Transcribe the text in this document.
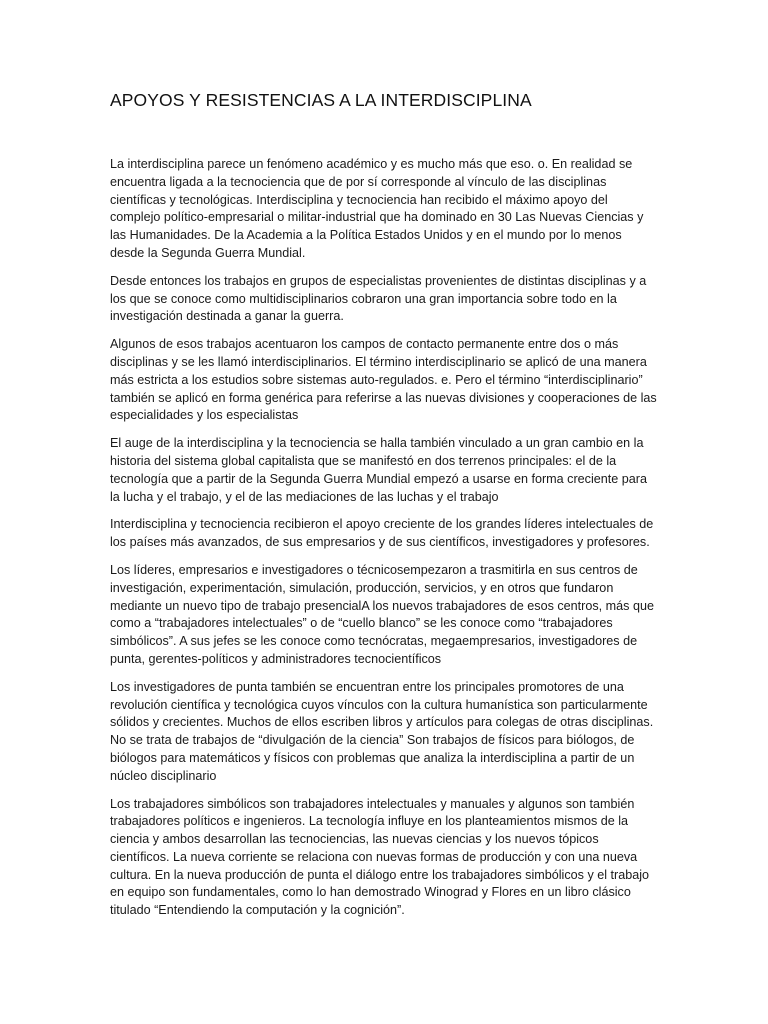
APOYOS Y RESISTENCIAS A LA INTERDISCIPLINA

La interdisciplina parece un fenómeno académico y es mucho más que eso. o. En realidad se encuentra ligada a la tecnociencia que de por sí corresponde al vínculo de las disciplinas científicas y tecnológicas. Interdisciplina y tecnociencia han recibido el máximo apoyo del complejo político-empresarial o militar-industrial que ha dominado en 30 Las Nuevas Ciencias y las Humanidades. De la Academia a la Política Estados Unidos y en el mundo por lo menos desde la Segunda Guerra Mundial.

Desde entonces los trabajos en grupos de especialistas provenientes de distintas disciplinas y a los que se conoce como multidisciplinarios cobraron una gran importancia sobre todo en la investigación destinada a ganar la guerra.

Algunos de esos trabajos acentuaron los campos de contacto permanente entre dos o más disciplinas y se les llamó interdisciplinarios. El término interdisciplinario se aplicó de una manera más estricta a los estudios sobre sistemas auto-regulados. e. Pero el término “interdisciplinario” también se aplicó en forma genérica para referirse a las nuevas divisiones y cooperaciones de las especialidades y los especialistas

El auge de la interdisciplina y la tecnociencia se halla también vinculado a un gran cambio en la historia del sistema global capitalista que se manifestó en dos terrenos principales: el de la tecnología que a partir de la Segunda Guerra Mundial empezó a usarse en forma creciente para la lucha y el trabajo, y el de las mediaciones de las luchas y el trabajo

Interdisciplina y tecnociencia recibieron el apoyo creciente de los grandes líderes intelectuales de los países más avanzados, de sus empresarios y de sus científicos, investigadores y profesores.

Los líderes, empresarios e investigadores o técnicosempezaron a trasmitirla en sus centros de investigación, experimentación, simulación, producción, servicios, y en otros que fundaron mediante un nuevo tipo de trabajo presencialA los nuevos trabajadores de esos centros, más que como a “trabajadores intelectuales” o de “cuello blanco” se les conoce como “trabajadores simbólicos”. A sus jefes se les conoce como tecnócratas, megaempresarios, investigadores de punta, gerentes-políticos y administradores tecnocientíficos

Los investigadores de punta también se encuentran entre los principales promotores de una revolución científica y tecnológica cuyos vínculos con la cultura humanística son particularmente sólidos y crecientes. Muchos de ellos escriben libros y artículos para colegas de otras disciplinas. No se trata de trabajos de “divulgación de la ciencia” Son trabajos de físicos para biólogos, de biólogos para matemáticos y físicos con problemas que analiza la interdisciplina a partir de un núcleo disciplinario

Los trabajadores simbólicos son trabajadores intelectuales y manuales y algunos son también trabajadores políticos e ingenieros. La tecnología influye en los planteamientos mismos de la ciencia y ambos desarrollan las tecnociencias, las nuevas ciencias y los nuevos tópicos científicos. La nueva corriente se relaciona con nuevas formas de producción y con una nueva cultura. En la nueva producción de punta el diálogo entre los trabajadores simbólicos y el trabajo en equipo son fundamentales, como lo han demostrado Winograd y Flores en un libro clásico titulado “Entendiendo la computación y la cognición”.
